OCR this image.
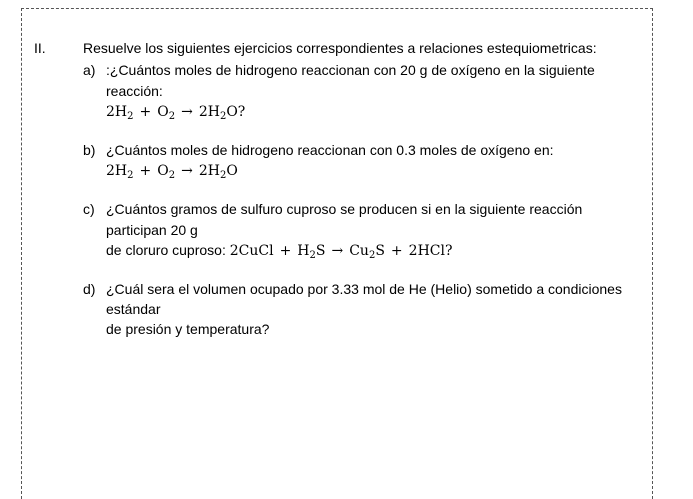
II.	Resuelve los siguientes ejercicios correspondientes a relaciones estequiometricas:
a) :¿Cuántos moles de hidrogeno reaccionan con 20 g de oxígeno en la siguiente
reacción:
$2H_2 + O_2 \to 2H_2O$?
b) ¿Cuántos moles de hidrogeno reaccionan con 0.3 moles de oxígeno en:
$2H_2 + O_2 \to 2H_2O$
c) ¿Cuántos gramos de sulfuro cuproso se producen si en la siguiente reacción
participan 20 g
de cloruro cuproso: 2CuCl + $H_2S \to Cu_2S + 2HCl$?
d) ¿Cuál sera el volumen ocupado por 3.33 mol de He (Helio) sometido a condiciones
estándar
de presión y temperatura?
